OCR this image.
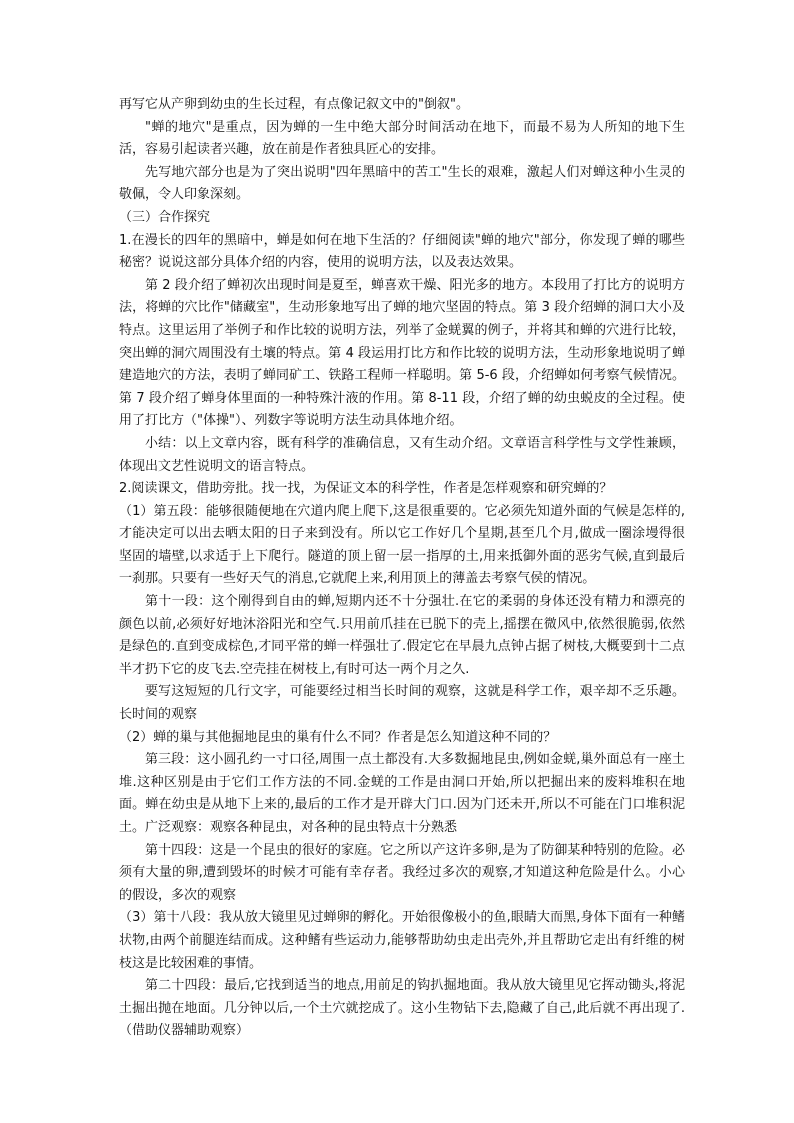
再写它从产卵到幼虫的生长过程，有点像记叙文中的"倒叙"。

"蝉的地穴"是重点，因为蝉的一生中绝大部分时间活动在地下，而最不易为人所知的地下生活，容易引起读者兴趣，放在前是作者独具匠心的安排。

先写地穴部分也是为了突出说明"四年黑暗中的苦工"生长的艰难，激起人们对蝉这种小生灵的敬佩，令人印象深刻。

（三）合作探究

1.在漫长的四年的黑暗中，蝉是如何在地下生活的？仔细阅读"蝉的地穴"部分，你发现了蝉的哪些秘密？说说这部分具体介绍的内容，使用的说明方法，以及表达效果。

第 2 段介绍了蝉初次出现时间是夏至，蝉喜欢干燥、阳光多的地方。本段用了打比方的说明方法，将蝉的穴比作"储藏室"，生动形象地写出了蝉的地穴坚固的特点。第 3 段介绍蝉的洞口大小及特点。这里运用了举例子和作比较的说明方法，列举了金蜣翼的例子，并将其和蝉的穴进行比较，突出蝉的洞穴周围没有土壤的特点。第 4 段运用打比方和作比较的说明方法，生动形象地说明了蝉建造地穴的方法，表明了蝉同矿工、铁路工程师一样聪明。第 5-6 段，介绍蝉如何考察气候情况。第 7 段介绍了蝉身体里面的一种特殊汁液的作用。第 8-11 段，介绍了蝉的幼虫蜕皮的全过程。使用了打比方（"体操"）、列数字等说明方法生动具体地介绍。

小结：以上文章内容，既有科学的准确信息，又有生动介绍。文章语言科学性与文学性兼顾，体现出文艺性说明文的语言特点。

2.阅读课文，借助旁批。找一找，为保证文本的科学性，作者是怎样观察和研究蝉的？

（1）第五段：能够很随便地在穴道内爬上爬下,这是很重要的。它必须先知道外面的气候是怎样的,才能决定可以出去晒太阳的日子来到没有。所以它工作好几个星期,甚至几个月,做成一圈涂墁得很坚固的墙壁,以求适于上下爬行。隧道的顶上留一层一指厚的土,用来抵御外面的恶劣气候,直到最后一刹那。只要有一些好天气的消息,它就爬上来,利用顶上的薄盖去考察气侯的情况。

第十一段：这个刚得到自由的蝉,短期内还不十分强壮.在它的柔弱的身体还没有精力和漂亮的颜色以前,必须好好地沐浴阳光和空气.只用前爪挂在已脱下的壳上,摇摆在微风中,依然很脆弱,依然是绿色的.直到变成棕色,才同平常的蝉一样强壮了.假定它在早晨九点钟占据了树枝,大概要到十二点半才扔下它的皮飞去.空壳挂在树枝上,有时可达一两个月之久.

要写这短短的几行文字，可能要经过相当长时间的观察，这就是科学工作，艰辛却不乏乐趣。长时间的观察

（2）蝉的巢与其他掘地昆虫的巢有什么不同？作者是怎么知道这种不同的？

第三段：这小圆孔约一寸口径,周围一点土都没有.大多数掘地昆虫,例如金蜣,巢外面总有一座土堆.这种区别是由于它们工作方法的不同.金蜣的工作是由洞口开始,所以把掘出来的废料堆积在地面。蝉在幼虫是从地下上来的,最后的工作才是开辟大门口.因为门还未开,所以不可能在门口堆积泥土。广泛观察：观察各种昆虫，对各种的昆虫特点十分熟悉

第十四段：这是一个昆虫的很好的家庭。它之所以产这许多卵,是为了防御某种特别的危险。必须有大量的卵,遭到毁坏的时候才可能有幸存者。我经过多次的观察,才知道这种危险是什么。小心的假设，多次的观察

（3）第十八段：我从放大镜里见过蝉卵的孵化。开始很像极小的鱼,眼睛大而黑,身体下面有一种鳍状物,由两个前腿连结而成。这种鳍有些运动力,能够帮助幼虫走出壳外,并且帮助它走出有纤维的树枝这是比较困难的事情。

第二十四段：最后,它找到适当的地点,用前足的钩扒掘地面。我从放大镜里见它挥动锄头,将泥土掘出抛在地面。几分钟以后,一个土穴就挖成了。这小生物钻下去,隐藏了自己,此后就不再出现了.（借助仪器辅助观察）
